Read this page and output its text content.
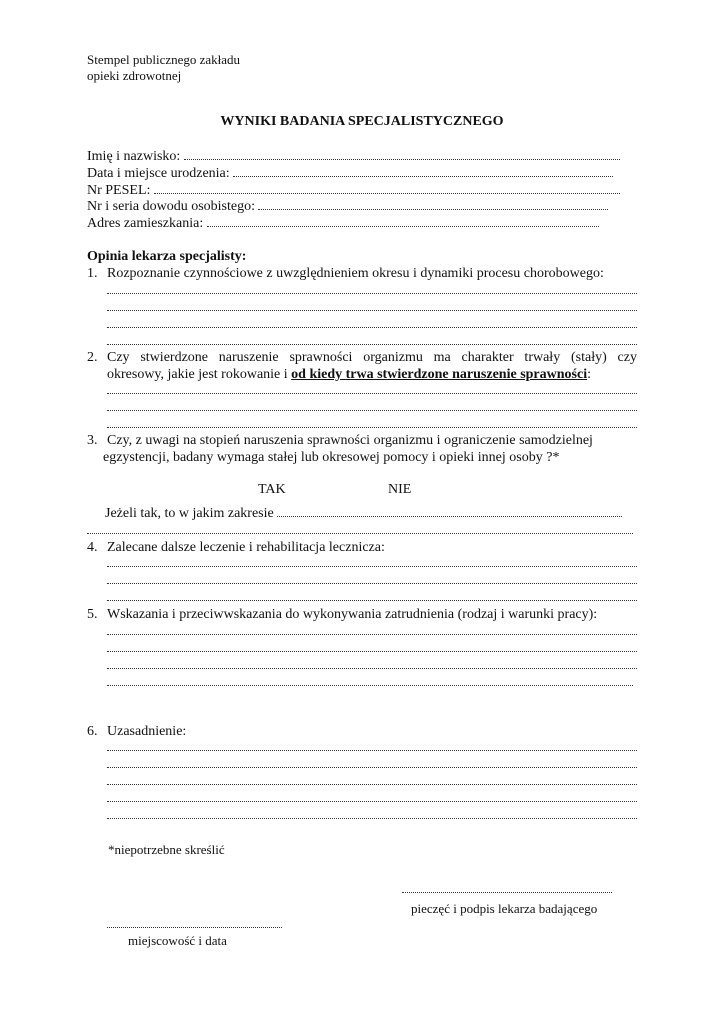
Stempel publicznego zakładu
opieki zdrowotnej
WYNIKI BADANIA SPECJALISTYCZNEGO
Imię i nazwisko:
Data i miejsce urodzenia:
Nr PESEL:
Nr i seria dowodu osobistego:
Adres zamieszkania:
Opinia lekarza specjalisty:
1. Rozpoznanie czynnościowe z uwzględnieniem okresu i dynamiki procesu chorobowego:
2. Czy stwierdzone naruszenie sprawności organizmu ma charakter trwały (stały) czy
okresowy, jakie jest rokowanie i od kiedy trwa stwierdzone naruszenie sprawności:
3. Czy, z uwagi na stopień naruszenia sprawności organizmu i ograniczenie samodzielnej
egzystencji, badany wymaga stałej lub okresowej pomocy i opieki innej osoby ?*
TAK	NIE
Jeżeli tak, to w jakim zakresie
4. Zalecane dalsze leczenie i rehabilitacja lecznicza:
5. Wskazania i przeciwwskazania do wykonywania zatrudnienia (rodzaj i warunki pracy):
6. Uzasadnienie:
*niepotrzebne skreślić
pieczęć i podpis lekarza badającego
miejscowość i data
